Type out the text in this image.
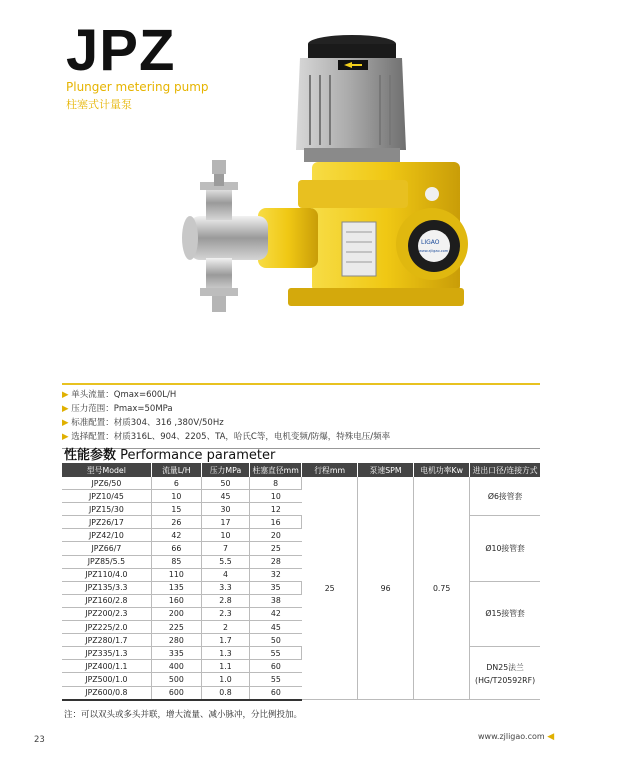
JPZ
Plunger metering pump
柱塞式计量泵
LIGAO
www.zjligao.com
▶ 单头流量：Qmax=600L/H
▶ 压力范围：Pmax=50MPa
▶ 标准配置：材质304、316 ,380V/50Hz
▶ 选择配置：材质316L、904、2205、TA，哈氏C等，电机变频/防爆，特殊电压/频率
性能参数 Performance parameter
型号Model	流量L/H	压力MPa	柱塞直径mm	行程mm	泵速SPM	电机功率Kw	进出口径/连接方式
JPZ6/50	6	50	8	25	96	0.75	Ø6接管套

JPZ10/45	10	45	10				
JPZ15/30	15	30	12				
JPZ26/17	26	17	16				Ø10接管套

JPZ42/10	42	10	20				
JPZ66/7	66	7	25				
JPZ85/5.5	85	5.5	28				
JPZ110/4.0	110	4	32				
JPZ135/3.3	135	3.3	35				Ø15接管套

JPZ160/2.8	160	2.8	38				
JPZ200/2.3	200	2.3	42				
JPZ225/2.0	225	2	45				
JPZ280/1.7	280	1.7	50				
JPZ335/1.3	335	1.3	55				DN25法兰
(HG/T20592RF)

JPZ400/1.1	400	1.1	60				
JPZ500/1.0	500	1.0	55				
JPZ600/0.8	600	0.8	60				
注：可以双头或多头并联，增大流量、减小脉冲，分比例投加。
23	www.zjligao.com ◀
